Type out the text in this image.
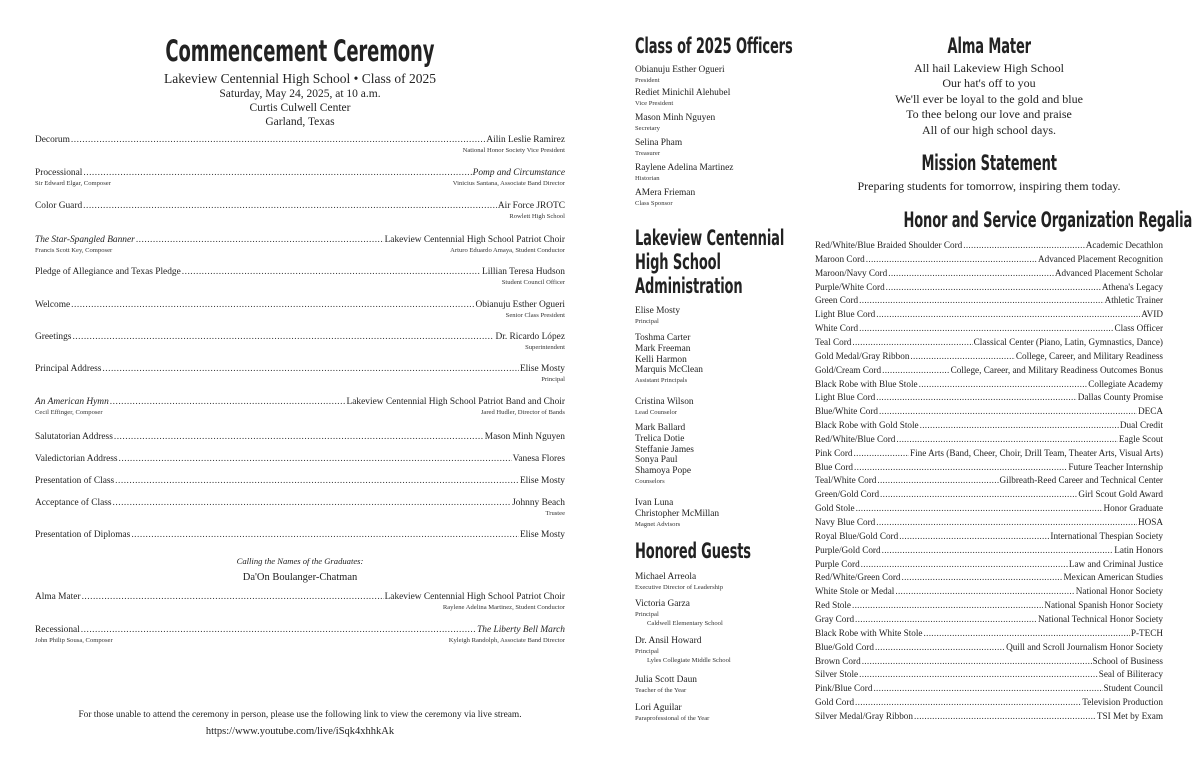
Commencement Ceremony
Lakeview Centennial High School • Class of 2025
Saturday, May 24, 2025, at 10 a.m.
Curtis Culwell Center
Garland, Texas
Decorum .....	Ailin Leslie Ramirez
National Honor Society Vice President
Processional .....	Pomp and Circumstance
Sir Edward Elgar, Composer	Vinicius Santana, Associate Band Director
Color Guard .....	Air Force JROTC
Rowlett High School
The Star-Spangled Banner .....	Lakeview Centennial High School Patriot Choir
Francis Scott Key, Composer	Arturo Eduardo Amaya, Student Conductor
Pledge of Allegiance and Texas Pledge .....	Lillian Teresa Hudson
Student Council Officer
Welcome .....	Obianuju Esther Ogueri
Senior Class President
Greetings .....	Dr. Ricardo López
Superintendent
Principal Address .....	Elise Mosty
Principal
An American Hymn .....	Lakeview Centennial High School Patriot Band and Choir
Cecil Effinger, Composer	Jared Hudler, Director of Bands
Salutatorian Address .....	Mason Minh Nguyen
Valedictorian Address .....	Vanesa Flores
Presentation of Class .....	Elise Mosty
Acceptance of Class .....	Johnny Beach
Trustee
Presentation of Diplomas .....	Elise Mosty
Calling the Names of the Graduates:
Da'On Boulanger-Chatman
Alma Mater .....	Lakeview Centennial High School Patriot Choir
Raylene Adelina Martinez, Student Conductor
Recessional .....	The Liberty Bell March
John Philip Sousa, Composer	Kyleigh Randolph, Associate Band Director
For those unable to attend the ceremony in person, please use the following link to view the ceremony via live stream.
https://www.youtube.com/live/iSqk4xhhkAk
Class of 2025 Officers
Obianuju Esther Ogueri
President
Rediet Minichil Alehubel
Vice President
Mason Minh Nguyen
Secretary
Selina Pham
Treasurer
Raylene Adelina Martinez
Historian
AMera Frieman
Class Sponsor
Lakeview Centennial
High School
Administration
Elise Mosty
Principal
Toshma Carter
Mark Freeman
Kelli Harmon
Marquis McClean
Assistant Principals
Cristina Wilson
Lead Counselor
Mark Ballard
Trelica Dotie
Steffanie James
Sonya Paul
Shamoya Pope
Counselors
Ivan Luna
Christopher McMillan
Magnet Advisors
Honored Guests
Michael Arreola
Executive Director of Leadership
Victoria Garza
Principal
Caldwell Elementary School
Dr. Ansil Howard
Principal
Lyles Collegiate Middle School
Julia Scott Daun
Teacher of the Year
Lori Aguilar
Paraprofessional of the Year
Alma Mater
All hail Lakeview High School
Our hat's off to you
We'll ever be loyal to the gold and blue
To thee belong our love and praise
All of our high school days.
Mission Statement
Preparing students for tomorrow, inspiring them today.
Honor and Service Organization Regalia
Red/White/Blue Braided Shoulder Cord .....	Academic Decathlon
Maroon Cord .....	Advanced Placement Recognition
Maroon/Navy Cord .....	Advanced Placement Scholar
Purple/White Cord .....	Athena's Legacy
Green Cord .....	Athletic Trainer
Light Blue Cord .....	AVID
White Cord .....	Class Officer
Teal Cord .....	Classical Center (Piano, Latin, Gymnastics, Dance)
Gold Medal/Gray Ribbon .....	College, Career, and Military Readiness
Gold/Cream Cord .....	College, Career, and Military Readiness Outcomes Bonus
Black Robe with Blue Stole .....	Collegiate Academy
Light Blue Cord .....	Dallas County Promise
Blue/White Cord .....	DECA
Black Robe with Gold Stole .....	Dual Credit
Red/White/Blue Cord .....	Eagle Scout
Pink Cord .....	Fine Arts (Band, Cheer, Choir, Drill Team, Theater Arts, Visual Arts)
Blue Cord .....	Future Teacher Internship
Teal/White Cord .....	Gilbreath-Reed Career and Technical Center
Green/Gold Cord .....	Girl Scout Gold Award
Gold Stole .....	Honor Graduate
Navy Blue Cord .....	HOSA
Royal Blue/Gold Cord .....	International Thespian Society
Purple/Gold Cord .....	Latin Honors
Purple Cord .....	Law and Criminal Justice
Red/White/Green Cord .....	Mexican American Studies
White Stole or Medal .....	National Honor Society
Red Stole .....	National Spanish Honor Society
Gray Cord .....	National Technical Honor Society
Black Robe with White Stole .....	P-TECH
Blue/Gold Cord .....	Quill and Scroll Journalism Honor Society
Brown Cord .....	School of Business
Silver Stole .....	Seal of Biliteracy
Pink/Blue Cord .....	Student Council
Gold Cord .....	Television Production
Silver Medal/Gray Ribbon .....	TSI Met by Exam
